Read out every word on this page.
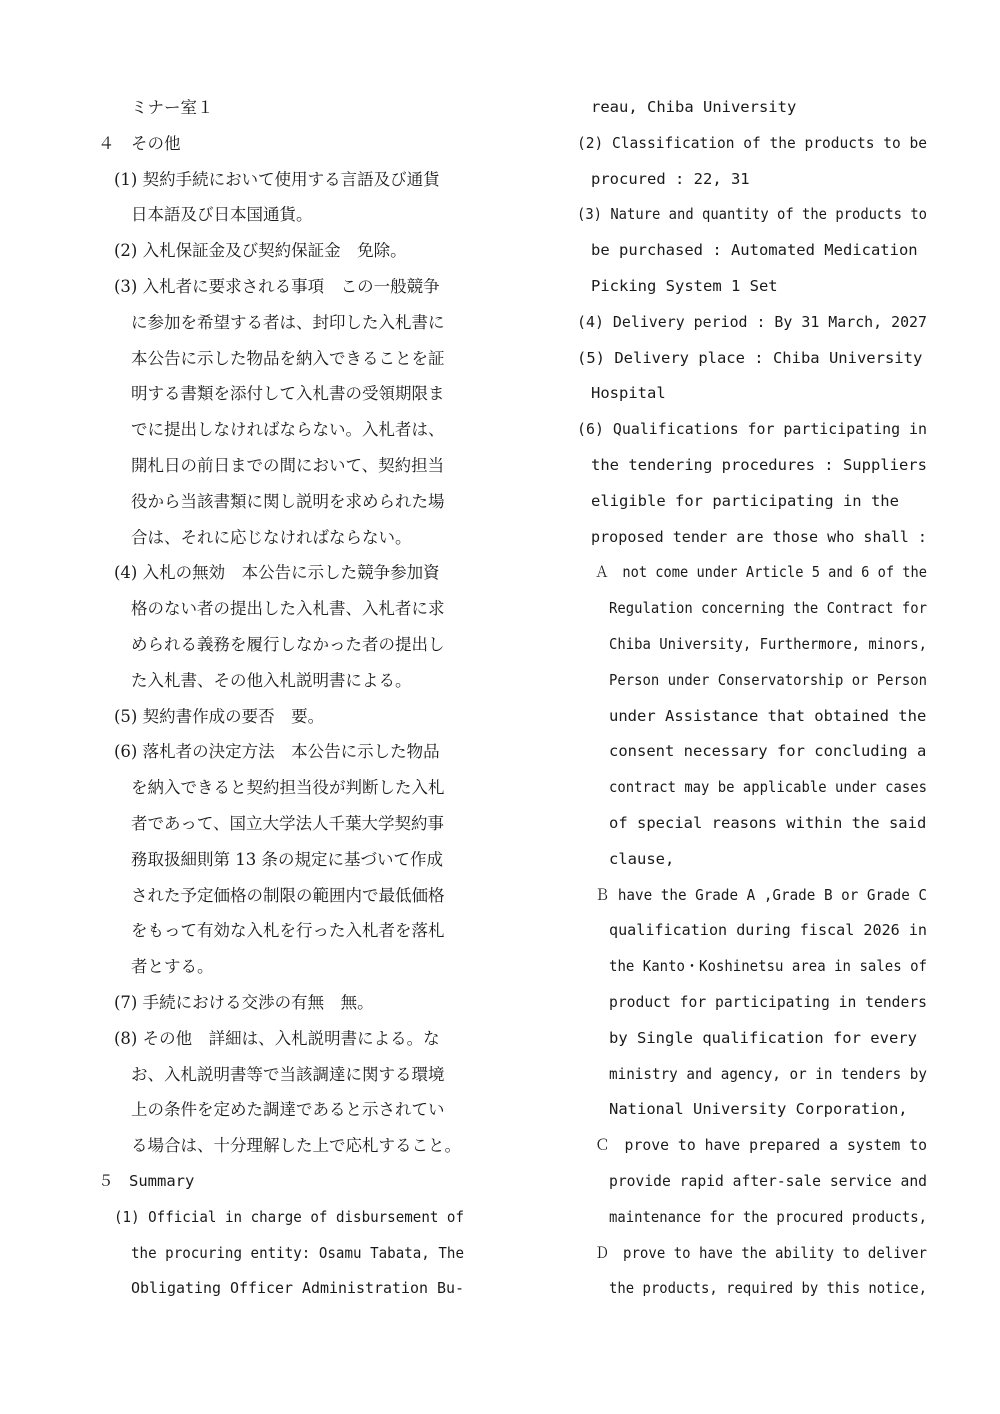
ミナー室１
４　その他
(1) 契約手続において使用する言語及び通貨
日本語及び日本国通貨。
(2) 入札保証金及び契約保証金　免除。
(3) 入札者に要求される事項　この一般競争
に参加を希望する者は、封印した入札書に
本公告に示した物品を納入できることを証
明する書類を添付して入札書の受領期限ま
でに提出しなければならない。入札者は、
開札日の前日までの間において、契約担当
役から当該書類に関し説明を求められた場
合は、それに応じなければならない。
(4) 入札の無効　本公告に示した競争参加資
格のない者の提出した入札書、入札者に求
められる義務を履行しなかった者の提出し
た入札書、その他入札説明書による。
(5) 契約書作成の要否　要。
(6) 落札者の決定方法　本公告に示した物品
を納入できると契約担当役が判断した入札
者であって、国立大学法人千葉大学契約事
務取扱細則第 13 条の規定に基づいて作成
された予定価格の制限の範囲内で最低価格
をもって有効な入札を行った入札者を落札
者とする。
(7) 手続における交渉の有無　無。
(8) その他　詳細は、入札説明書による。な
お、入札説明書等で当該調達に関する環境
上の条件を定めた調達であると示されてい
る場合は、十分理解した上で応札すること。
５　Summary
(1) Official in charge of disbursement of
the procuring entity: Osamu Tabata, The
Obligating Officer Administration Bu-
reau, Chiba University
(2) Classification of the products to be
procured : 22, 31
(3) Nature and quantity of the products to
be purchased : Automated Medication
Picking System 1 Set
(4) Delivery period : By 31 March, 2027
(5) Delivery place : Chiba University
Hospital
(6) Qualifications for participating in
the tendering procedures : Suppliers
eligible for participating in the
proposed tender are those who shall :
Ａ　not come under Article 5 and 6 of the
Regulation concerning the Contract for
Chiba University, Furthermore, minors,
Person under Conservatorship or Person
under Assistance that obtained the
consent necessary for concluding a
contract may be applicable under cases
of special reasons within the said
clause,
Ｂ have the Grade A ,Grade B or Grade C
qualification during fiscal 2026 in
the Kanto・Koshinetsu area in sales of
product for participating in tenders
by Single qualification for every
ministry and agency, or in tenders by
National University Corporation,
Ｃ　prove to have prepared a system to
provide rapid after-sale service and
maintenance for the procured products,
Ｄ　prove to have the ability to deliver
the products, required by this notice,
